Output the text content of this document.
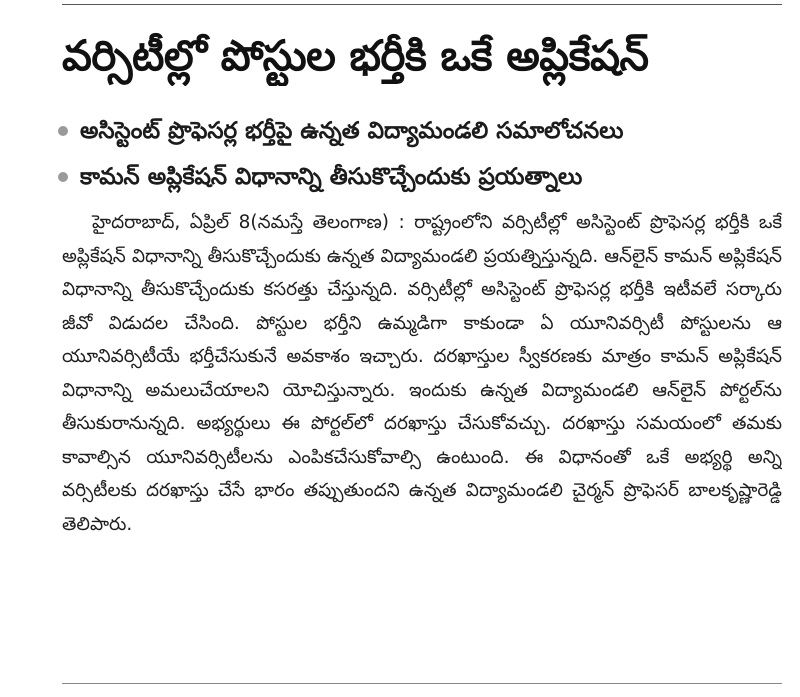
వర్సిటీల్లో పోస్టుల భర్తీకి ఒకే అప్లికేషన్
అసిస్టెంట్ ప్రొఫెసర్ల భర్తీపై ఉన్నత విద్యామండలి సమాలోచనలు
కామన్ అప్లికేషన్ విధానాన్ని తీసుకొచ్చేందుకు ప్రయత్నాలు

హైదరాబాద్, ఏప్రిల్ 8(నమస్తే తెలంగాణ) : రాష్ట్రంలోని వర్సిటీల్లో అసిస్టెంట్ ప్రొఫెసర్ల భర్తీకి ఒకే అప్లికేషన్ విధానాన్ని తీసుకొచ్చేందుకు ఉన్నత విద్యామండలి ప్రయత్నిస్తున్నది. ఆన్‌లైన్ కామన్ అప్లికేషన్ విధానాన్ని తీసుకొచ్చేందుకు కసరత్తు చేస్తున్నది. వర్సిటీల్లో అసిస్టెంట్ ప్రొఫెసర్ల భర్తీకి ఇటీవలే సర్కారు జీవో విడుదల చేసింది. పోస్టుల భర్తీని ఉమ్మడిగా కాకుండా ఏ యూనివర్సిటీ పోస్టులను ఆ యూనివర్సిటీయే భర్తీచేసుకునే అవకాశం ఇచ్చారు. దరఖాస్తుల స్వీకరణకు మాత్రం కామన్ అప్లికేషన్ విధానాన్ని అమలుచేయాలని యోచిస్తున్నారు. ఇందుకు ఉన్నత విద్యామండలి ఆన్‌లైన్ పోర్టల్‌ను తీసుకురానున్నది. అభ్యర్థులు ఈ పోర్టల్‌లో దరఖాస్తు చేసుకోవచ్చు. దరఖాస్తు సమయంలో తమకు కావాల్సిన యూనివర్సిటీలను ఎంపికచేసుకోవాల్సి ఉంటుంది. ఈ విధానంతో ఒకే అభ్యర్థి అన్ని వర్సిటీలకు దరఖాస్తు చేసే భారం తప్పుతుందని ఉన్నత విద్యామండలి చైర్మన్ ప్రొఫెసర్ బాలకృష్ణారెడ్డి తెలిపారు.
